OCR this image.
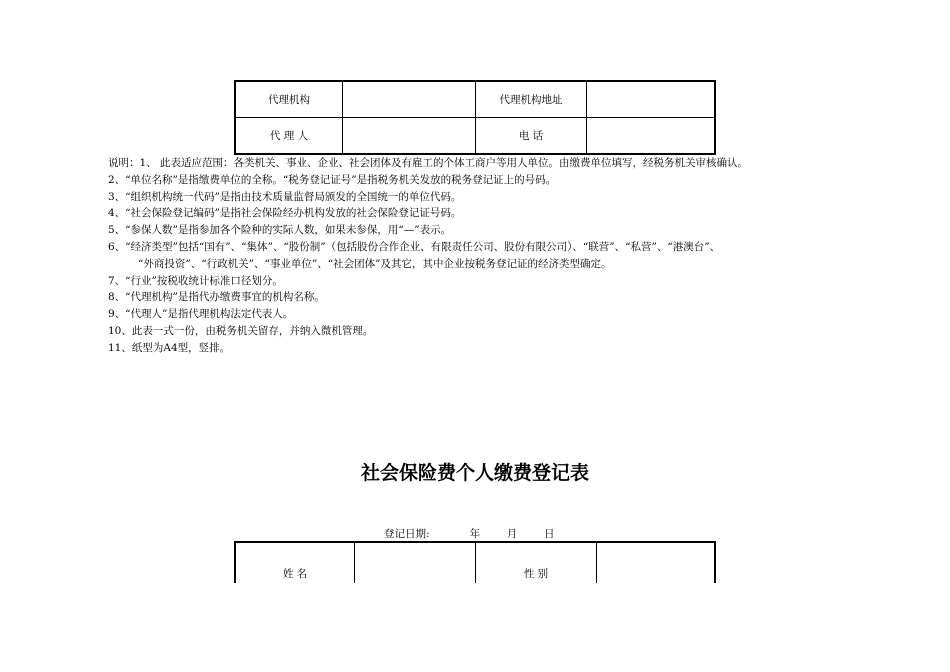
代理机构		代理机构地址	
代 理 人		电 话	

说明：1、 此表适应范围：各类机关、事业、企业、社会团体及有雇工的个体工商户等用人单位。由缴费单位填写，经税务机关审核确认。

2、“单位名称”是指缴费单位的全称。“税务登记证号”是指税务机关发放的税务登记证上的号码。

3、“组织机构统一代码”是指由技术质量监督局颁发的全国统一的单位代码。

4、“社会保险登记编码”是指社会保险经办机构发放的社会保险登记证号码。

5、“参保人数”是指参加各个险种的实际人数，如果未参保，用“—”表示。

6、“经济类型”包括“国有”、“集体”、“股份制”（包括股份合作企业、有限责任公司、股份有限公司）、“联营”、“私营”、“港澳台”、

“外商投资”、“行政机关”、“事业单位”、“社会团体”及其它，其中企业按税务登记证的经济类型确定。

7、“行业”按税收统计标准口径划分。

8、“代理机构”是指代办缴费事宜的机构名称。

9、“代理人”是指代理机构法定代表人。

10、此表一式一份，由税务机关留存，并纳入微机管理。

11、纸型为A4型，竖排。

社会保险费个人缴费登记表
登记日期:            年        月        日
姓 名		性 别	
